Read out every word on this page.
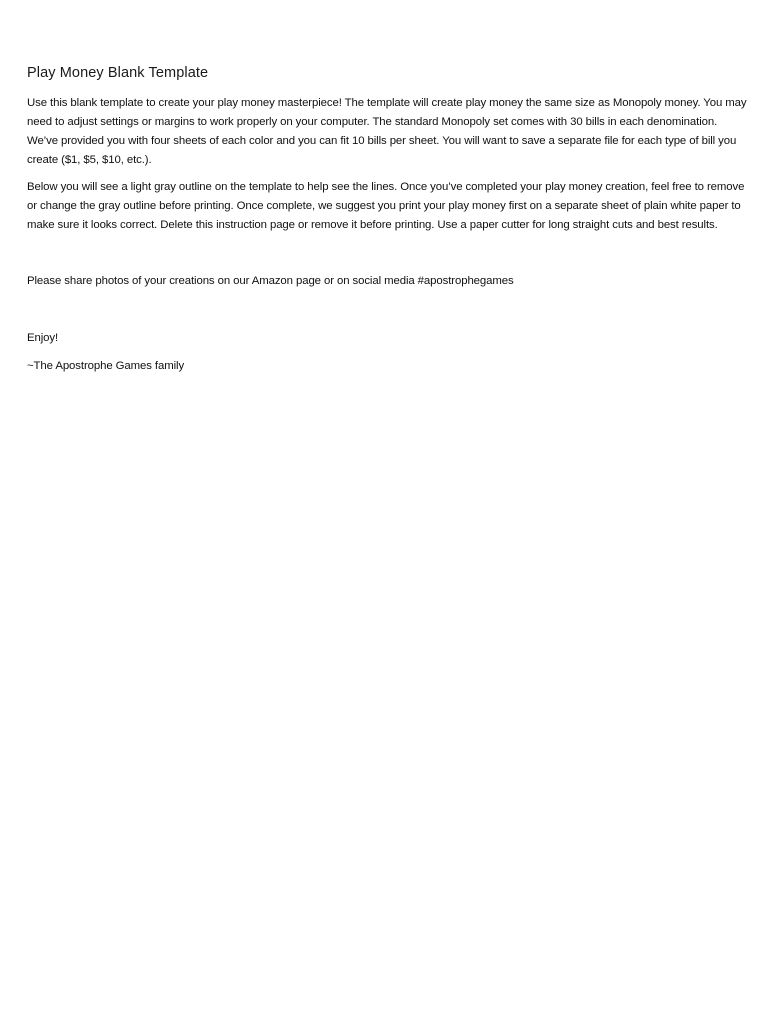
Play Money Blank Template

Use this blank template to create your play money masterpiece! The template will create play money the same size as Monopoly money. You may need to adjust settings or margins to work properly on your computer. The standard Monopoly set comes with 30 bills in each denomination. We’ve provided you with four sheets of each color and you can fit 10 bills per sheet. You will want to save a separate file for each type of bill you create ($1, $5, $10, etc.).

Below you will see a light gray outline on the template to help see the lines. Once you’ve completed your play money creation, feel free to remove or change the gray outline before printing. Once complete, we suggest you print your play money first on a separate sheet of plain white paper to make sure it looks correct. Delete this instruction page or remove it before printing. Use a paper cutter for long straight cuts and best results.

Please share photos of your creations on our Amazon page or on social media #apostrophegames

Enjoy!

~The Apostrophe Games family
